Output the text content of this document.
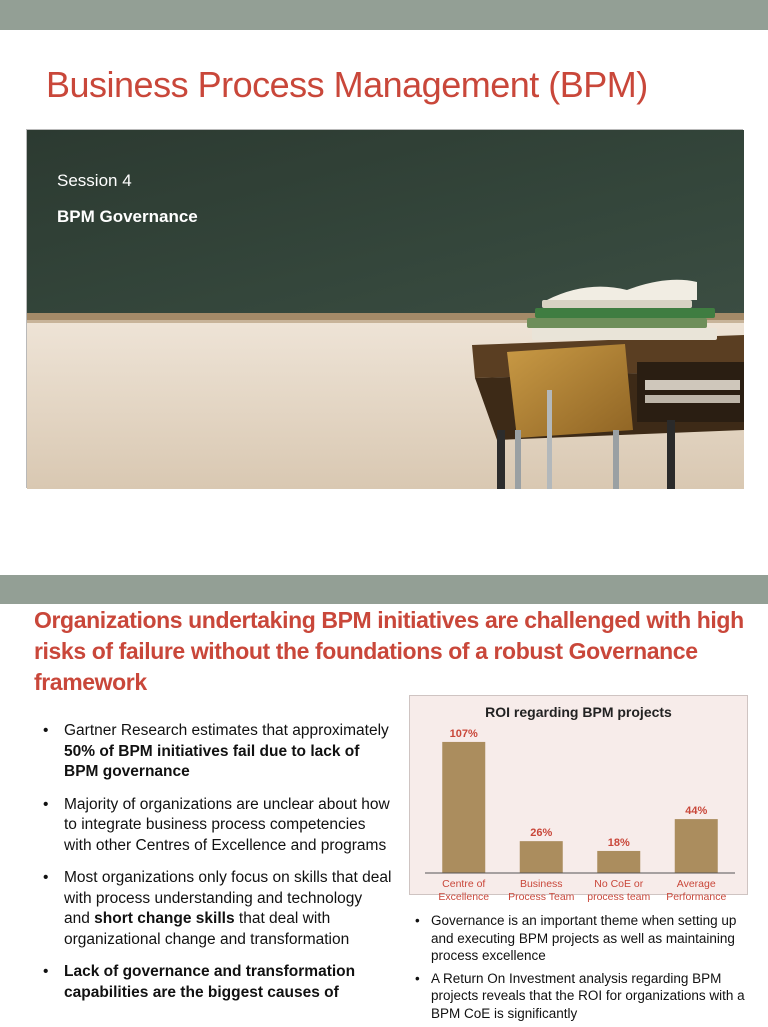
Business Process Management (BPM)
Session 4
BPM Governance
Organizations undertaking BPM initiatives are challenged with high risks of failure without the foundations of a robust Governance framework
• Gartner Research estimates that approximately 50% of BPM initiatives fail due to lack of BPM governance
• Majority of organizations are unclear about how to integrate business process competencies with other Centres of Excellence and programs
• Most organizations only focus on skills that deal with process understanding and technology and short change skills that deal with organizational change and transformation
• Lack of governance and transformation capabilities are the biggest causes of
ROI regarding BPM projects
107%
Centre of
Excellence
26%
Business
Process Team
18%
No CoE or
process team
44%
Average
Performance
• Governance is an important theme when setting up and executing BPM projects as well as maintaining process excellence
• A Return On Investment analysis regarding BPM projects reveals that the ROI for organizations with a BPM CoE is significantly
